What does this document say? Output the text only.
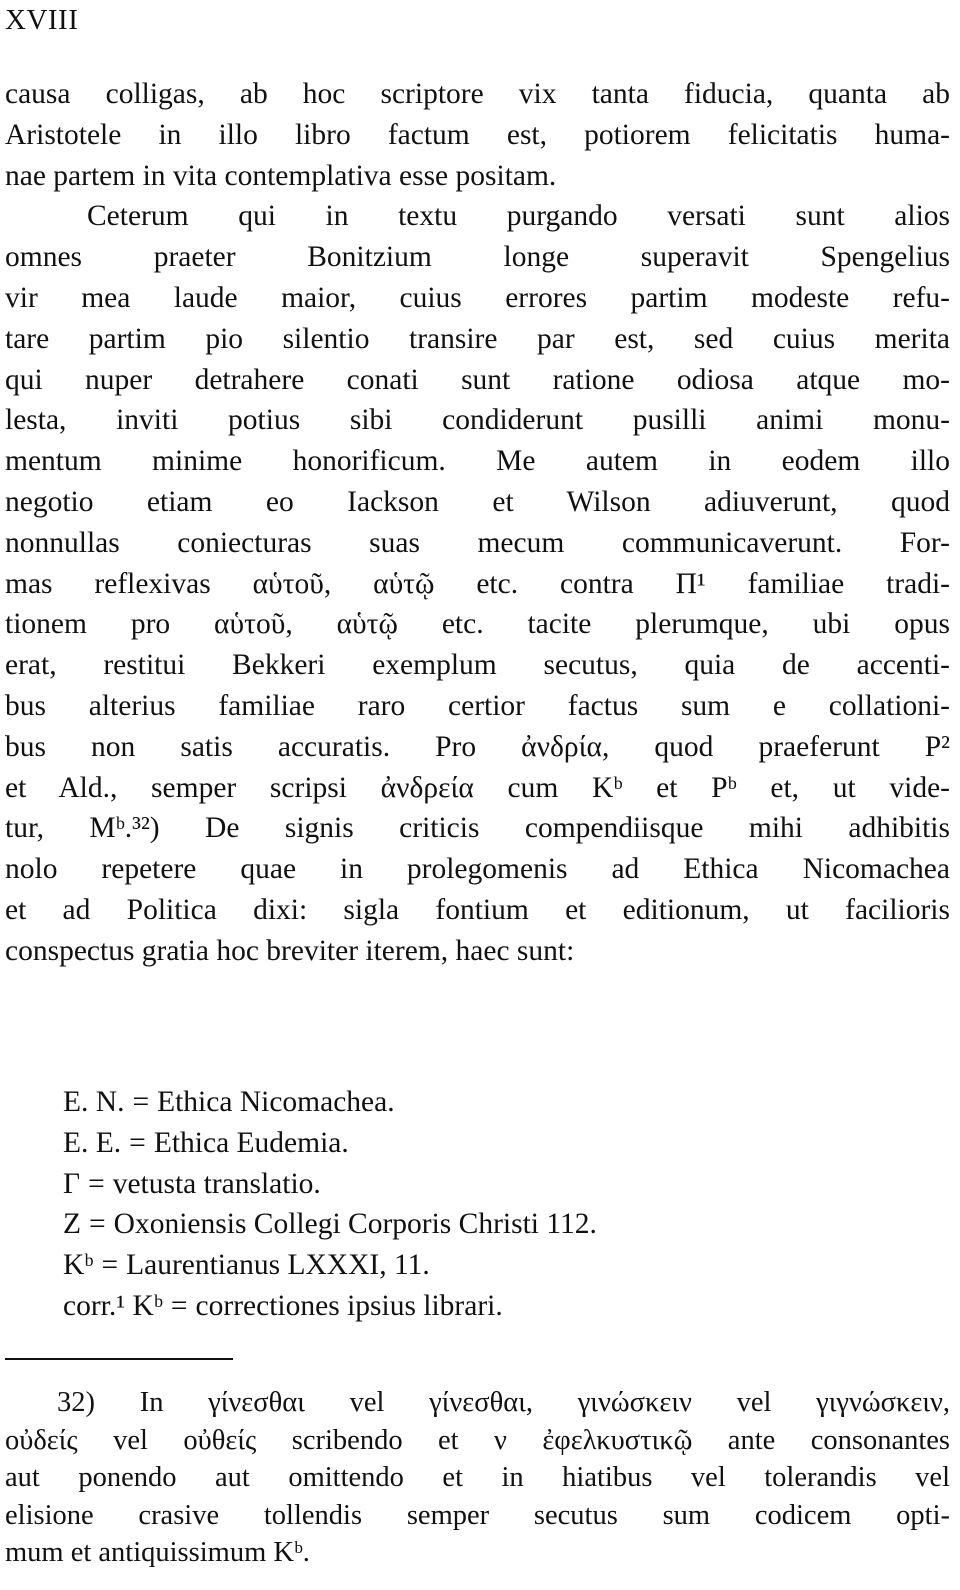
XVIII
causa colligas, ab hoc scriptore vix tanta fiducia, quanta ab
Aristotele in illo libro factum est, potiorem felicitatis huma-
nae partem in vita contemplativa esse positam.
Ceterum qui in textu purgando versati sunt alios
omnes praeter Bonitzium longe superavit Spengelius
vir mea laude maior, cuius errores partim modeste refu-
tare partim pio silentio transire par est, sed cuius merita
qui nuper detrahere conati sunt ratione odiosa atque mo-
lesta, inviti potius sibi condiderunt pusilli animi monu-
mentum minime honorificum. Me autem in eodem illo
negotio etiam eo Iackson et Wilson adiuverunt, quod
nonnullas coniecturas suas mecum communicaverunt. For-
mas reflexivas αὑτοῦ, αὑτῷ etc. contra Π¹ familiae tradi-
tionem pro αὑτοῦ, αὑτῷ etc. tacite plerumque, ubi opus
erat, restitui Bekkeri exemplum secutus, quia de accenti-
bus alterius familiae raro certior factus sum e collationi-
bus non satis accuratis. Pro ἀνδρία, quod praeferunt P²
et Ald., semper scripsi ἀνδρεία cum Kᵇ et Pᵇ et, ut vide-
tur, Mᵇ.³²) De signis criticis compendiisque mihi adhibitis
nolo repetere quae in prolegomenis ad Ethica Nicomachea
et ad Politica dixi: sigla fontium et editionum, ut facilioris
conspectus gratia hoc breviter iterem, haec sunt:
E. N. = Ethica Nicomachea.
E. E. = Ethica Eudemia.
Γ = vetusta translatio.
Z = Oxoniensis Collegi Corporis Christi 112.
Kᵇ = Laurentianus LXXXI, 11.
corr.¹ Kᵇ = correctiones ipsius librari.
32) In γίνεσθαι vel γίνεσθαι, γινώσκειν vel γιγνώσκειν,
οὐδείς vel οὐθείς scribendo et ν ἐφελκυστικῷ ante consonantes
aut ponendo aut omittendo et in hiatibus vel tolerandis vel
elisione crasive tollendis semper secutus sum codicem opti-
mum et antiquissimum Kᵇ.
